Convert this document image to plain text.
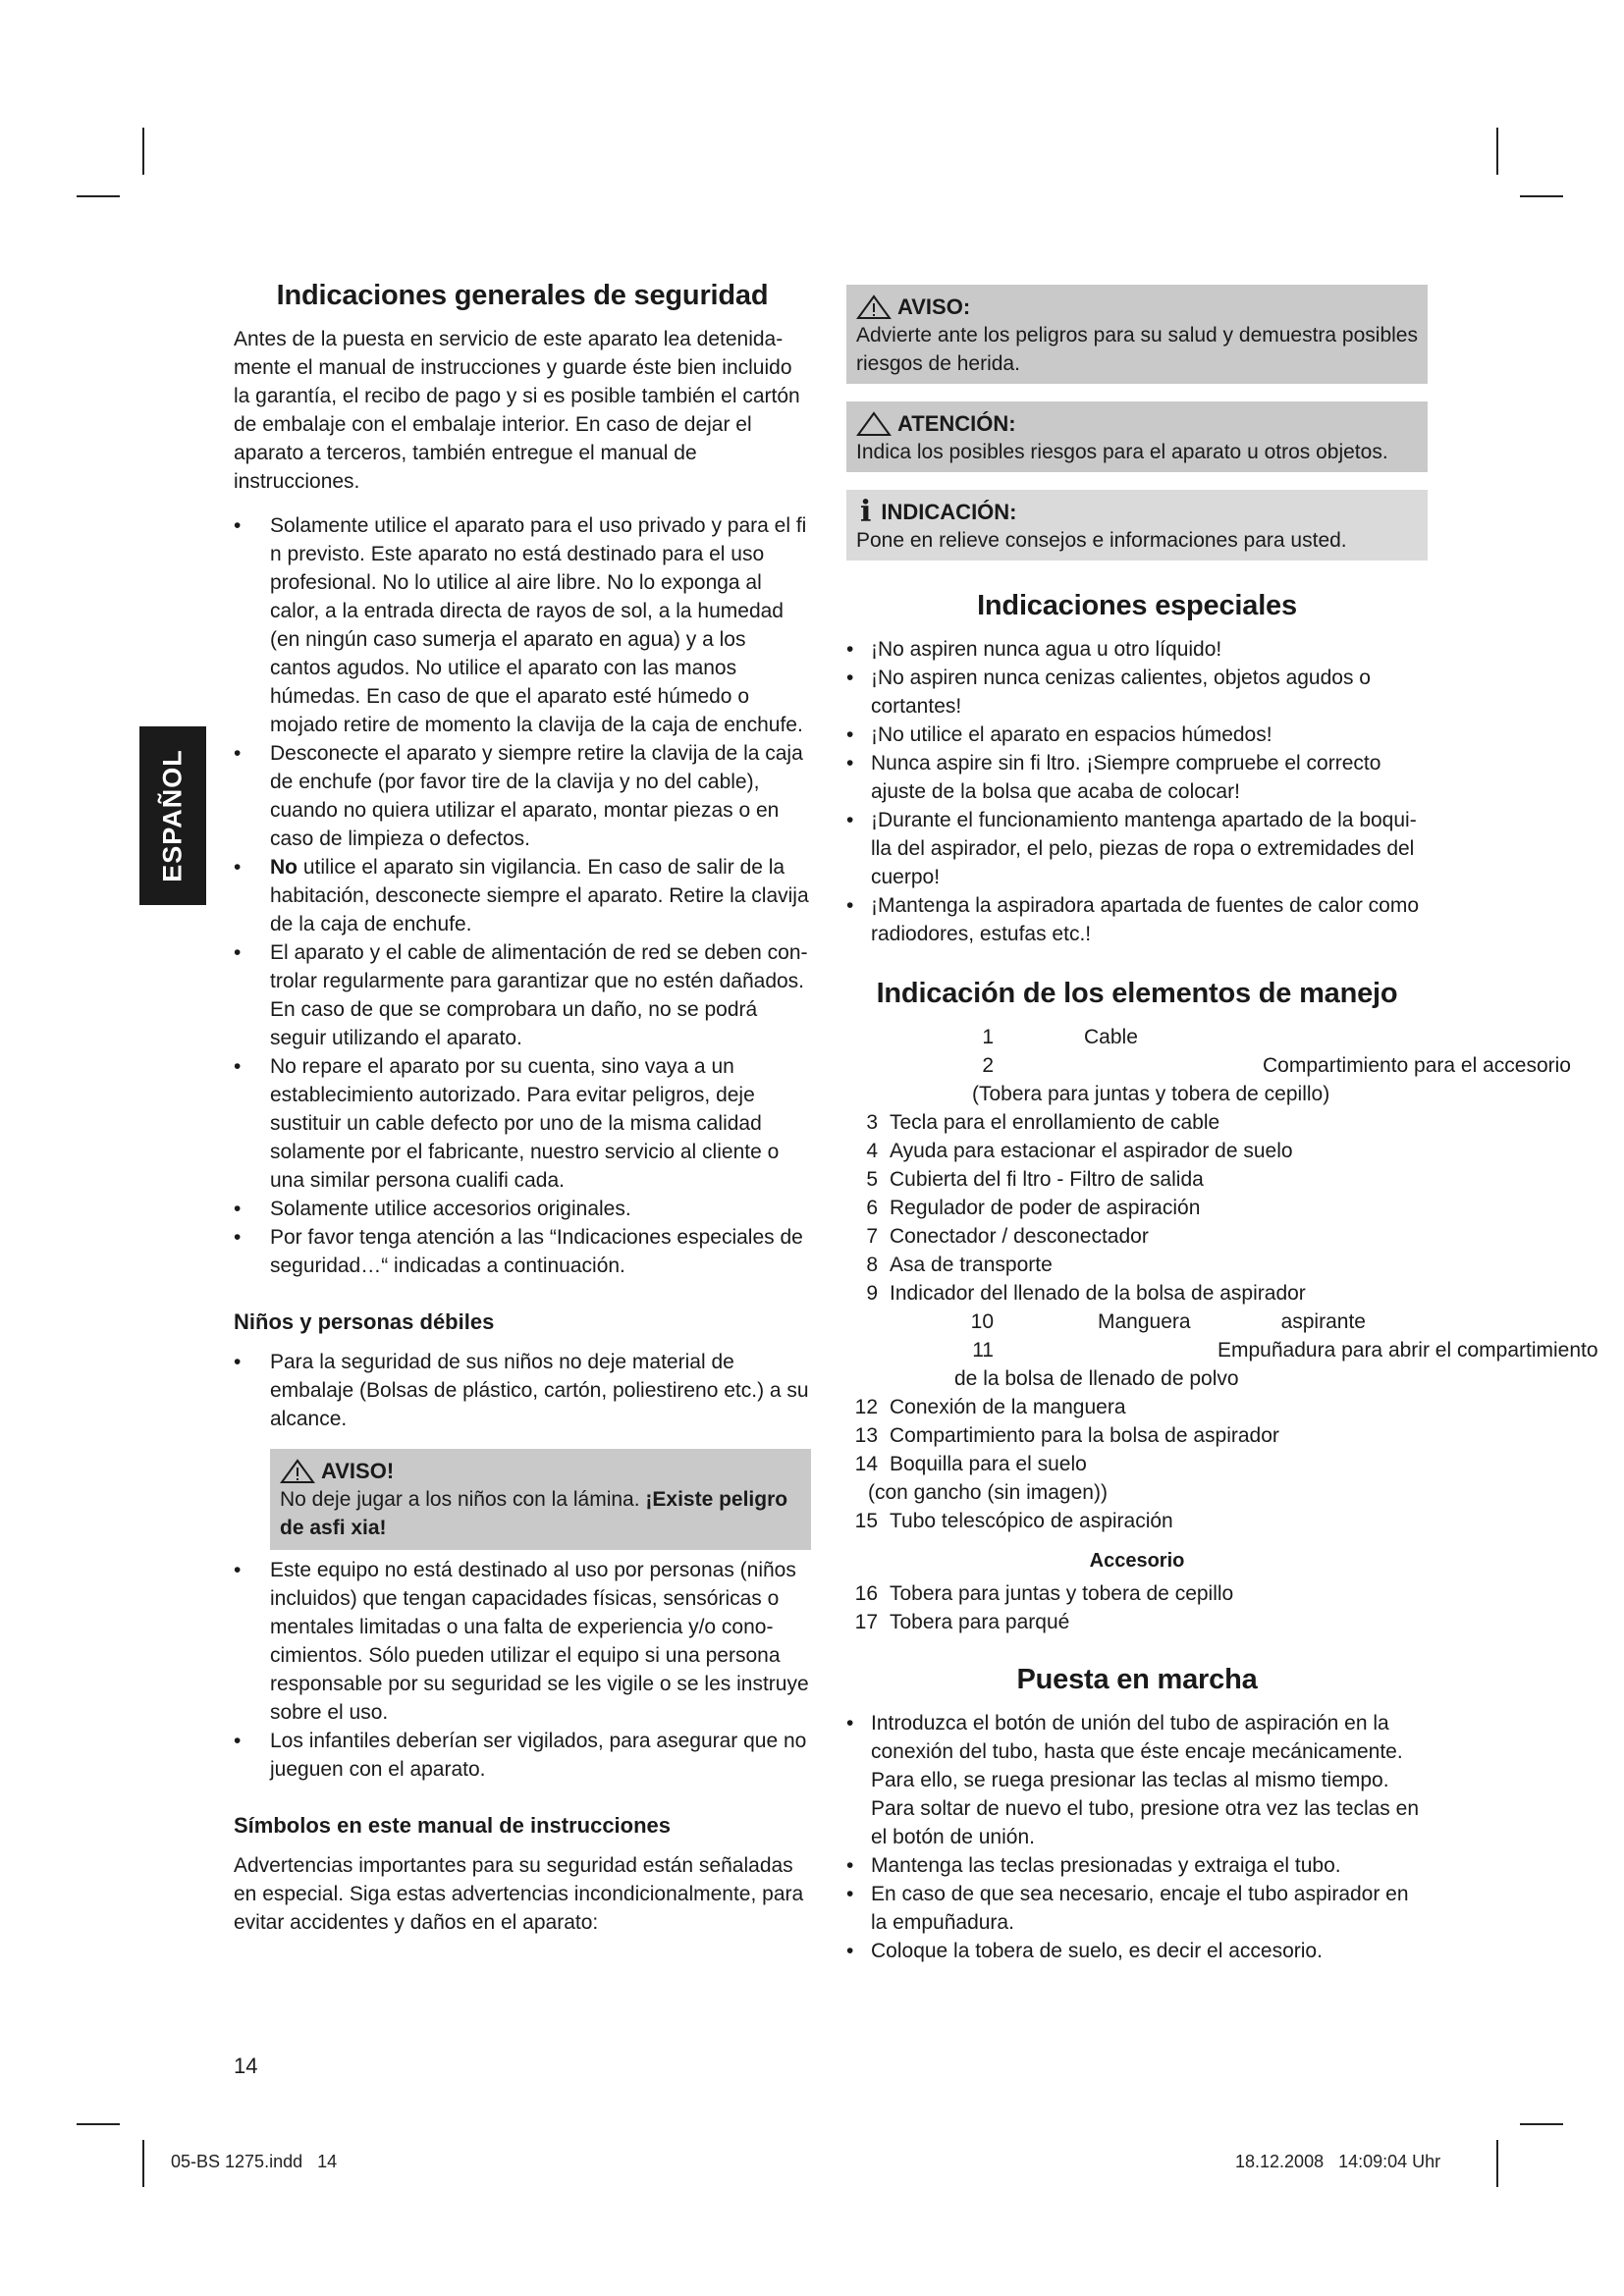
ESPAÑOL
Indicaciones generales de seguridad

Antes de la puesta en servicio de este aparato lea detenidamente el manual de instrucciones y guarde éste bien incluido la garantía, el recibo de pago y si es posible también el cartón de embalaje con el embalaje interior. En caso de dejar el aparato a terceros, también entregue el manual de instrucciones.

• Solamente utilice el aparato para el uso privado y para el fi n previsto. Este aparato no está destinado para el uso profesional. No lo utilice al aire libre. No lo exponga al calor, a la entrada directa de rayos de sol, a la humedad (en ningún caso sumerja el aparato en agua) y a los cantos agudos. No utilice el aparato con las manos húmedas. En caso de que el aparato esté húmedo o mojado retire de momento la clavija de la caja de enchufe.
• Desconecte el aparato y siempre retire la clavija de la caja de enchufe (por favor tire de la clavija y no del cable), cuando no quiera utilizar el aparato, montar piezas o en caso de limpieza o defectos.
• No utilice el aparato sin vigilancia. En caso de salir de la habitación, desconecte siempre el aparato. Retire la clavija de la caja de enchufe.
• El aparato y el cable de alimentación de red se deben controlar regularmente para garantizar que no estén dañados. En caso de que se comprobara un daño, no se podrá seguir utilizando el aparato.
• No repare el aparato por su cuenta, sino vaya a un establecimiento autorizado. Para evitar peligros, deje sustituir un cable defecto por uno de la misma calidad solamente por el fabricante, nuestro servicio al cliente o una similar persona cualifi cada.
• Solamente utilice accesorios originales.
• Por favor tenga atención a las “Indicaciones especiales de seguridad…“ indicadas a continuación.
Niños y personas débiles
• Para la seguridad de sus niños no deje material de embalaje (Bolsas de plástico, cartón, poliestireno etc.) a su alcance.
AVISO!
No deje jugar a los niños con la lámina. ¡Existe peligro de asfi xia!
• Este equipo no está destinado al uso por personas (niños incluidos) que tengan capacidades físicas, sensóricas o mentales limitadas o una falta de experiencia y/o conocimientos. Sólo pueden utilizar el equipo si una persona responsable por su seguridad se les vigile o se les instruye sobre el uso.
• Los infantiles deberían ser vigilados, para asegurar que no jueguen con el aparato.
Símbolos en este manual de instrucciones

Advertencias importantes para su seguridad están señaladas en especial. Siga estas advertencias incondicionalmente, para evitar accidentes y daños en el aparato:

AVISO:
Advierte ante los peligros para su salud y demuestra posibles riesgos de herida.
ATENCIÓN:
Indica los posibles riesgos para el aparato u otros objetos.
i INDICACIÓN:
Pone en relieve consejos e informaciones para usted.
Indicaciones especiales
• ¡No aspiren nunca agua u otro líquido!
• ¡No aspiren nunca cenizas calientes, objetos agudos o cortantes!
• ¡No utilice el aparato en espacios húmedos!
• Nunca aspire sin fi ltro. ¡Siempre compruebe el correcto ajuste de la bolsa que acaba de colocar!
• ¡Durante el funcionamiento mantenga apartado de la boquilla del aspirador, el pelo, piezas de ropa o extremidades del cuerpo!
• ¡Mantenga la aspiradora apartada de fuentes de calor como radiodores, estufas etc.!
Indicación de los elementos de manejo
1	Cable
2	Compartimiento para el accesorio
(Tobera para juntas y tobera de cepillo)
3 Tecla para el enrollamiento de cable
4 Ayuda para estacionar el aspirador de suelo
5 Cubierta del fi ltro - Filtro de salida
6 Regulador de poder de aspiración
7 Conectador / desconectador
8 Asa de transporte
9 Indicador del llenado de la bolsa de aspirador
10	Manguera	aspirante
11	Empuñadura para abrir el compartimiento
de la bolsa de llenado de polvo
12 Conexión de la manguera
13 Compartimiento para la bolsa de aspirador
14 Boquilla para el suelo
(con gancho (sin imagen))
15 Tubo telescópico de aspiración
Accesorio
16 Tobera para juntas y tobera de cepillo
17 Tobera para parqué
Puesta en marcha
• Introduzca el botón de unión del tubo de aspiración en la conexión del tubo, hasta que éste encaje mecánicamente. Para ello, se ruega presionar las teclas al mismo tiempo. Para soltar de nuevo el tubo, presione otra vez las teclas en el botón de unión.
• Mantenga las teclas presionadas y extraiga el tubo.
• En caso de que sea necesario, encaje el tubo aspirador en la empuñadura.
• Coloque la tobera de suelo, es decir el accesorio.
14
05-BS 1275.indd   14	18.12.2008   14:09:04 Uhr
